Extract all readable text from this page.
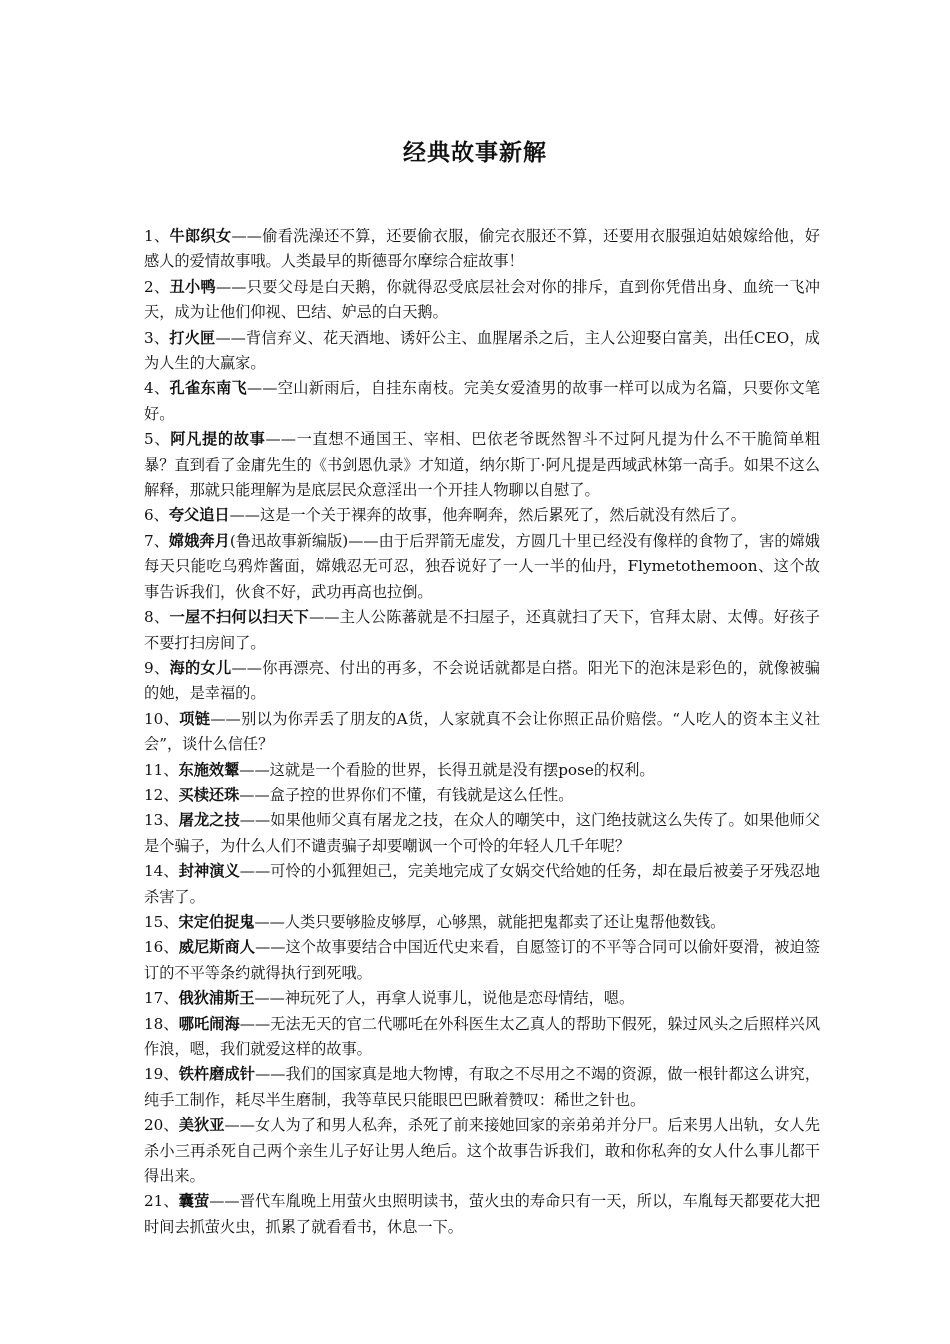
经典故事新解
1、牛郎织女——偷看洗澡还不算，还要偷衣服，偷完衣服还不算，还要用衣服强迫姑娘嫁给他，好感人的爱情故事哦。人类最早的斯德哥尔摩综合症故事！
2、丑小鸭——只要父母是白天鹅，你就得忍受底层社会对你的排斥，直到你凭借出身、血统一飞冲天，成为让他们仰视、巴结、妒忌的白天鹅。
3、打火匣——背信弃义、花天酒地、诱奸公主、血腥屠杀之后，主人公迎娶白富美，出任CEO，成为人生的大赢家。
4、孔雀东南飞——空山新雨后，自挂东南枝。完美女爱渣男的故事一样可以成为名篇，只要你文笔好。
5、阿凡提的故事——一直想不通国王、宰相、巴依老爷既然智斗不过阿凡提为什么不干脆简单粗暴？直到看了金庸先生的《书剑恩仇录》才知道，纳尔斯丁·阿凡提是西域武林第一高手。如果不这么解释，那就只能理解为是底层民众意淫出一个开挂人物聊以自慰了。
6、夸父追日——这是一个关于裸奔的故事，他奔啊奔，然后累死了，然后就没有然后了。
7、嫦娥奔月(鲁迅故事新编版)——由于后羿箭无虚发，方圆几十里已经没有像样的食物了，害的嫦娥每天只能吃乌鸦炸酱面，嫦娥忍无可忍，独吞说好了一人一半的仙丹，Flymetothemoon、这个故事告诉我们，伙食不好，武功再高也拉倒。
8、一屋不扫何以扫天下——主人公陈蕃就是不扫屋子，还真就扫了天下，官拜太尉、太傅。好孩子不要打扫房间了。
9、海的女儿——你再漂亮、付出的再多，不会说话就都是白搭。阳光下的泡沫是彩色的，就像被骗的她，是幸福的。
10、项链——别以为你弄丢了朋友的A货，人家就真不会让你照正品价赔偿。“人吃人的资本主义社会”，谈什么信任？
11、东施效颦——这就是一个看脸的世界，长得丑就是没有摆pose的权利。
12、买椟还珠——盒子控的世界你们不懂，有钱就是这么任性。
13、屠龙之技——如果他师父真有屠龙之技，在众人的嘲笑中，这门绝技就这么失传了。如果他师父是个骗子，为什么人们不谴责骗子却要嘲讽一个可怜的年轻人几千年呢？
14、封神演义——可怜的小狐狸妲己，完美地完成了女娲交代给她的任务，却在最后被姜子牙残忍地杀害了。
15、宋定伯捉鬼——人类只要够脸皮够厚，心够黑，就能把鬼都卖了还让鬼帮他数钱。
16、威尼斯商人——这个故事要结合中国近代史来看，自愿签订的不平等合同可以偷奸耍滑，被迫签订的不平等条约就得执行到死哦。
17、俄狄浦斯王——神玩死了人，再拿人说事儿，说他是恋母情结，嗯。
18、哪吒闹海——无法无天的官二代哪吒在外科医生太乙真人的帮助下假死，躲过风头之后照样兴风作浪，嗯，我们就爱这样的故事。
19、铁杵磨成针——我们的国家真是地大物博，有取之不尽用之不竭的资源，做一根针都这么讲究，纯手工制作，耗尽半生磨制，我等草民只能眼巴巴瞅着赞叹：稀世之针也。
20、美狄亚——女人为了和男人私奔，杀死了前来接她回家的亲弟弟并分尸。后来男人出轨，女人先杀小三再杀死自己两个亲生儿子好让男人绝后。这个故事告诉我们，敢和你私奔的女人什么事儿都干得出来。
21、囊萤——晋代车胤晚上用萤火虫照明读书，萤火虫的寿命只有一天，所以，车胤每天都要花大把时间去抓萤火虫，抓累了就看看书，休息一下。
